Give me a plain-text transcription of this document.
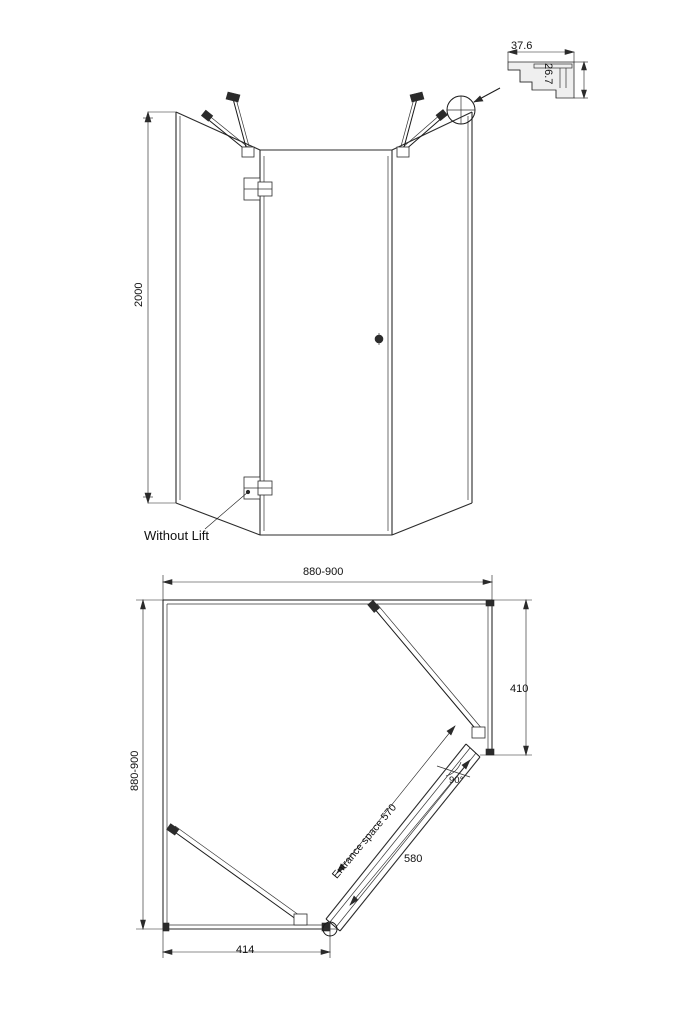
37.6
26.7
2000
Without Lift
880-900
880-900
410
414
580
Entrance space 570
90°
